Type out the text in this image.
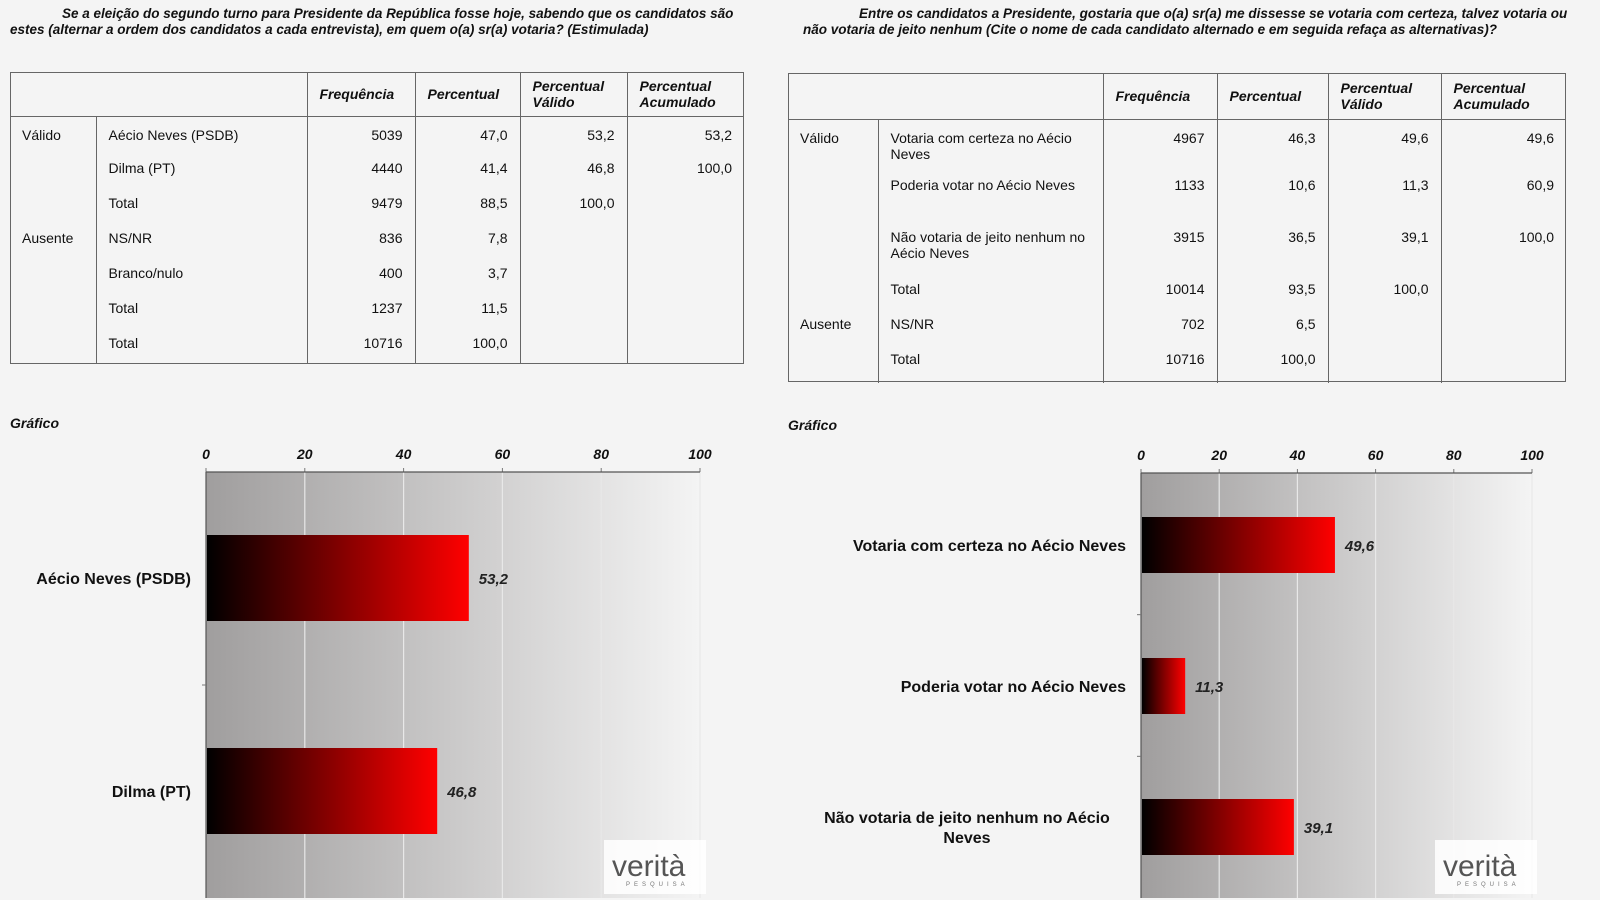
Se a eleição do segundo turno para Presidente da República fosse hoje, sabendo que os candidatos são estes (alternar a ordem dos candidatos a cada entrevista), em quem o(a) sr(a) votaria? (Estimulada)
		Frequência	Percentual	Percentual Válido	Percentual Acumulado
Válido	Aécio Neves (PSDB)	5039	47,0	53,2	53,2
	Dilma (PT)	4440	41,4	46,8	100,0
	Total	9479	88,5	100,0	
Ausente	NS/NR	836	7,8		
	Branco/nulo	400	3,7		
	Total	1237	11,5		
	Total	10716	100,0		
Gráfico
0	20	40	60	80	100
53,2
Aécio Neves (PSDB)
46,8
Dilma (PT)
verità
PESQUISA
Entre os candidatos a Presidente, gostaria que o(a) sr(a) me dissesse se votaria com certeza, talvez votaria ou não votaria de jeito nenhum (Cite o nome de cada candidato alternado e em seguida refaça as alternativas)?
		Frequência	Percentual	Percentual Válido	Percentual Acumulado
Válido	Votaria com certeza no Aécio Neves	4967	46,3	49,6	49,6
	Poderia votar no Aécio Neves	1133	10,6	11,3	60,9
	Não votaria de jeito nenhum no Aécio Neves	3915	36,5	39,1	100,0
	Total	10014	93,5	100,0	
Ausente	NS/NR	702	6,5		
	Total	10716	100,0		
Gráfico
0	20	40	60	80	100
49,6
Votaria com certeza no Aécio Neves
11,3
Poderia votar no Aécio Neves
39,1
Não votaria de jeito nenhum no Aécio
Neves
verità
PESQUISA
